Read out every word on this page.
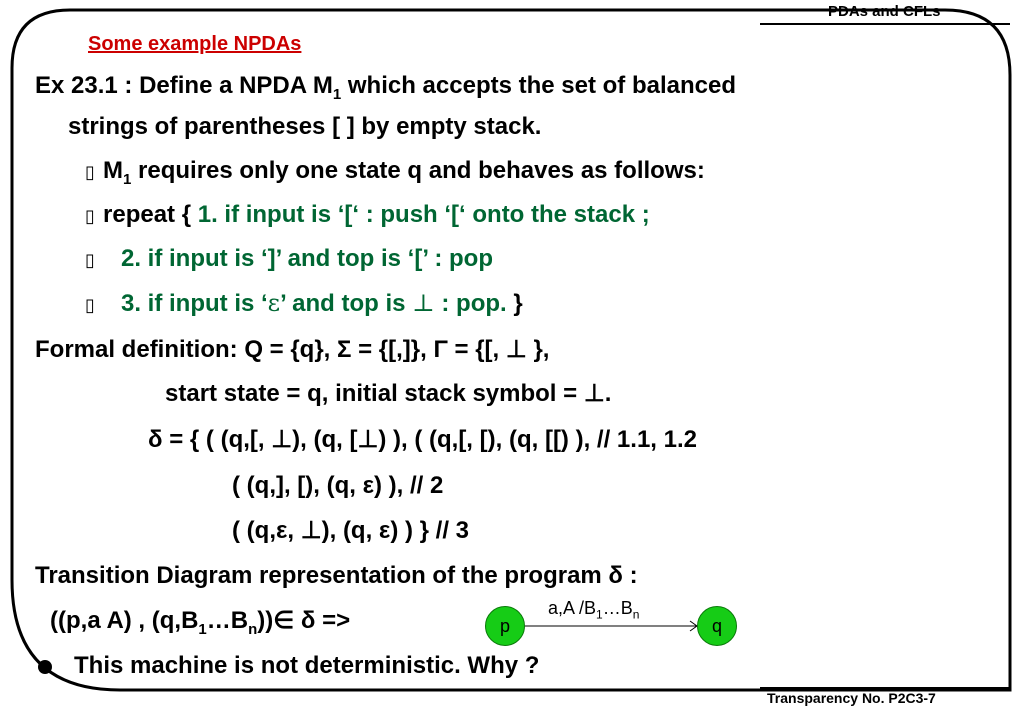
PDAs and CFLs
Transparency No. P2C3-7
Some example NPDAs
Ex 23.1 : Define a NPDA $M_1$ which accepts the set of balanced
strings of parentheses [ ] by empty stack.
▯ $M_1$ requires only one state q and behaves as follows:
▯ repeat { 1. if input is ‘[‘ : push ‘[‘ onto the stack ;
▯ 2. if input is ‘]’ and top is ‘[’ : pop
▯ 3. if input is ‘ε’ and top is ⊥ : pop. }
Formal definition: Q = {q}, Σ = {[,]}, Γ = {[, ⊥ },
start state = q, initial stack symbol = ⊥.
δ = { ( (q,[, ⊥), (q, [⊥) ), ( (q,[, [), (q, [[) ), // 1.1, 1.2
( (q,], [), (q, ε) ), // 2
( (q,ε, ⊥), (q, ε) ) } // 3
Transition Diagram representation of the program δ :
((p,a A) , $(q,B_1\dots B_n))\in$ δ =>	p	q
a,A $/B_1\dots B_n$
This machine is not deterministic. Why ?
